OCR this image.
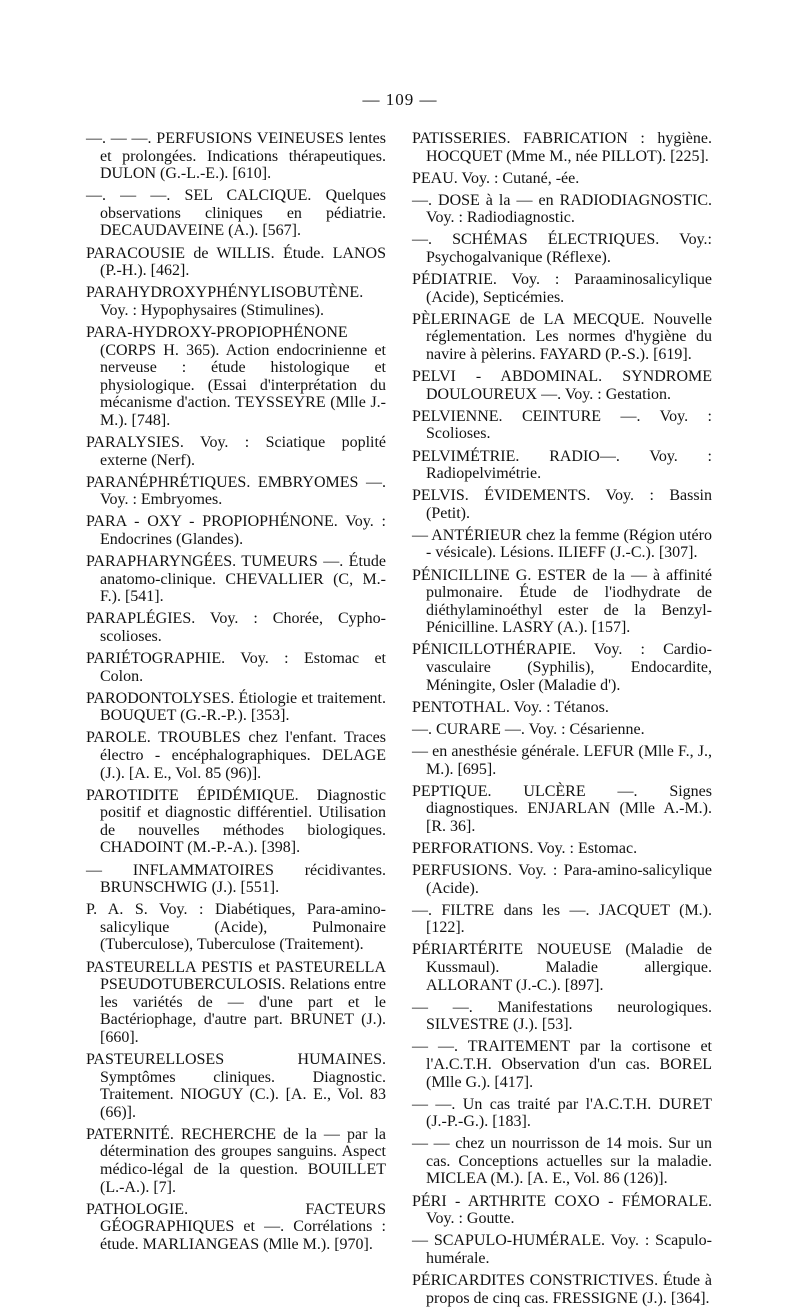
— 109 —

—. — —. PERFUSIONS VEINEUSES lentes et prolongées. Indications thérapeutiques. DULON (G.-L.-E.). [610].

—. — —. SEL CALCIQUE. Quelques observations cliniques en pédiatrie. DECAUDAVEINE (A.). [567].

PARACOUSIE de WILLIS. Étude. LANOS (P.-H.). [462].

PARAHYDROXYPHÉNYLISOBUTÈNE. Voy. : Hypophysaires (Stimulines).

PARA-HYDROXY-PROPIOPHÉNONE (CORPS H. 365). Action endocrinienne et nerveuse : étude histologique et physiologique. (Essai d'interprétation du mécanisme d'action. TEYSSEYRE (Mlle J.-M.). [748].

PARALYSIES. Voy. : Sciatique poplité externe (Nerf).

PARANÉPHRÉTIQUES. EMBRYOMES —. Voy. : Embryomes.

PARA - OXY - PROPIOPHÉNONE. Voy. : Endocrines (Glandes).

PARAPHARYNGÉES. TUMEURS —. Étude anatomo-clinique. CHEVALLIER (C, M.-F.). [541].

PARAPLÉGIES. Voy. : Chorée, Cypho-scolioses.

PARIÉTOGRAPHIE. Voy. : Estomac et Colon.

PARODONTOLYSES. Étiologie et traitement. BOUQUET (G.-R.-P.). [353].

PAROLE. TROUBLES chez l'enfant. Traces électro - encéphalographiques. DELAGE (J.). [A. E., Vol. 85 (96)].

PAROTIDITE ÉPIDÉMIQUE. Diagnostic positif et diagnostic différentiel. Utilisation de nouvelles méthodes biologiques. CHADOINT (M.-P.-A.). [398].

— INFLAMMATOIRES récidivantes. BRUNSCHWIG (J.). [551].

P. A. S. Voy. : Diabétiques, Para-amino-salicylique (Acide), Pulmonaire (Tuberculose), Tuberculose (Traitement).

PASTEURELLA PESTIS et PASTEURELLA PSEUDOTUBERCULOSIS. Relations entre les variétés de — d'une part et le Bactériophage, d'autre part. BRUNET (J.). [660].

PASTEURELLOSES HUMAINES. Symptômes cliniques. Diagnostic. Traitement. NIOGUY (C.). [A. E., Vol. 83 (66)].

PATERNITÉ. RECHERCHE de la — par la détermination des groupes sanguins. Aspect médico-légal de la question. BOUILLET (L.-A.). [7].

PATHOLOGIE. FACTEURS GÉOGRAPHIQUES et —. Corrélations : étude. MARLIANGEAS (Mlle M.). [970].

PATISSERIES. FABRICATION : hygiène. HOCQUET (Mme M., née PILLOT). [225].

PEAU. Voy. : Cutané, -ée.

—. DOSE à la — en RADIODIAGNOSTIC. Voy. : Radiodiagnostic.

—. SCHÉMAS ÉLECTRIQUES. Voy.: Psychogalvanique (Réflexe).

PÉDIATRIE. Voy. : Paraaminosalicylique (Acide), Septicémies.

PÈLERINAGE de LA MECQUE. Nouvelle réglementation. Les normes d'hygiène du navire à pèlerins. FAYARD (P.-S.). [619].

PELVI - ABDOMINAL. SYNDROME DOULOUREUX —. Voy. : Gestation.

PELVIENNE. CEINTURE —. Voy. : Scolioses.

PELVIMÉTRIE. RADIO—. Voy. : Radiopelvimétrie.

PELVIS. ÉVIDEMENTS. Voy. : Bassin (Petit).

— ANTÉRIEUR chez la femme (Région utéro - vésicale). Lésions. ILIEFF (J.-C.). [307].

PÉNICILLINE G. ESTER de la — à affinité pulmonaire. Étude de l'iodhydrate de diéthylaminoéthyl ester de la Benzyl-Pénicilline. LASRY (A.). [157].

PÉNICILLOTHÉRAPIE. Voy. : Cardio-vasculaire (Syphilis), Endocardite, Méningite, Osler (Maladie d').

PENTOTHAL. Voy. : Tétanos.

—. CURARE —. Voy. : Césarienne.

— en anesthésie générale. LEFUR (Mlle F., J., M.). [695].

PEPTIQUE. ULCÈRE —. Signes diagnostiques. ENJARLAN (Mlle A.-M.). [R. 36].

PERFORATIONS. Voy. : Estomac.

PERFUSIONS. Voy. : Para-amino-salicylique (Acide).

—. FILTRE dans les —. JACQUET (M.). [122].

PÉRIARTÉRITE NOUEUSE (Maladie de Kussmaul). Maladie allergique. ALLORANT (J.-C.). [897].

— —. Manifestations neurologiques. SILVESTRE (J.). [53].

— —. TRAITEMENT par la cortisone et l'A.C.T.H. Observation d'un cas. BOREL (Mlle G.). [417].

— —. Un cas traité par l'A.C.T.H. DURET (J.-P.-G.). [183].

— — chez un nourrisson de 14 mois. Sur un cas. Conceptions actuelles sur la maladie. MICLEA (M.). [A. E., Vol. 86 (126)].

PÉRI - ARTHRITE COXO - FÉMORALE. Voy. : Goutte.

— SCAPULO-HUMÉRALE. Voy. : Scapulo-humérale.

PÉRICARDITES CONSTRICTIVES. Étude à propos de cinq cas. FRESSIGNE (J.). [364].
